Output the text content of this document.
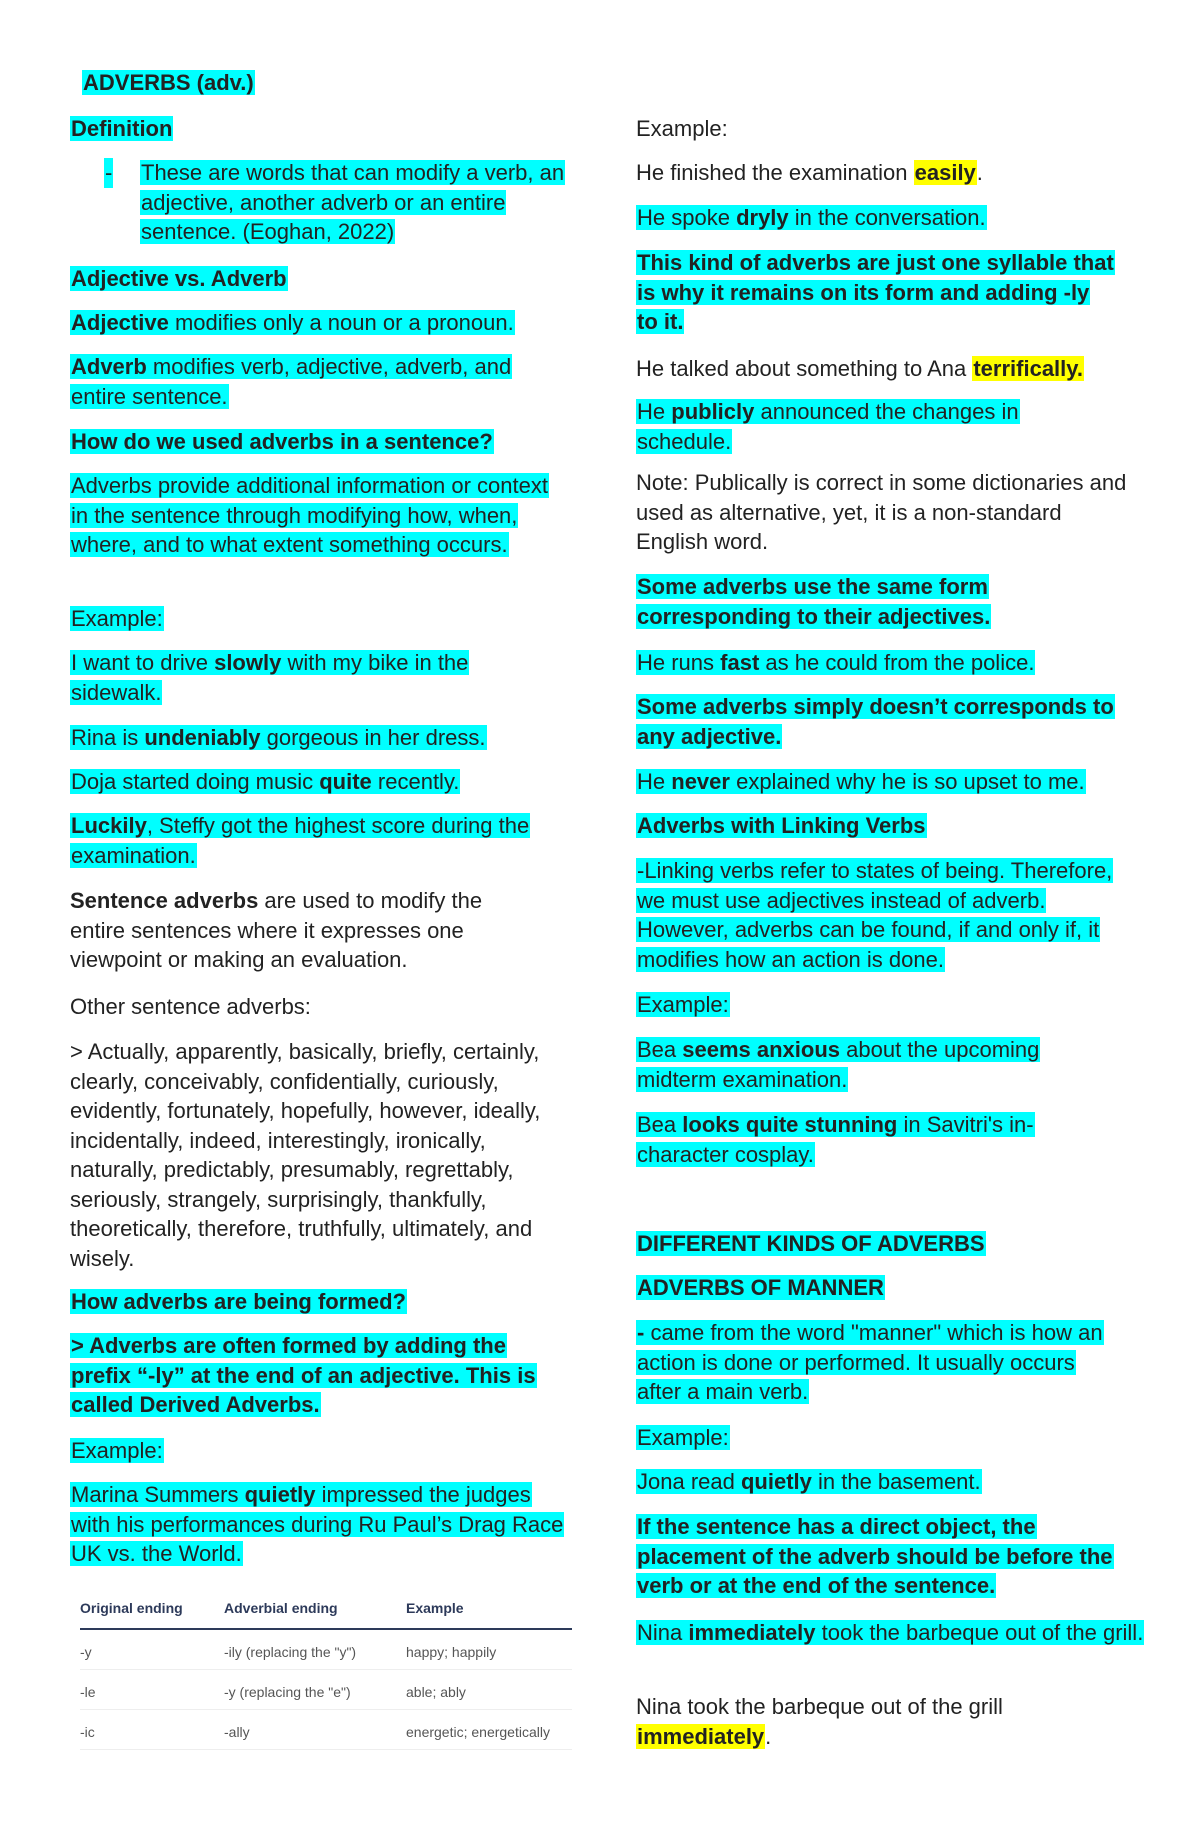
ADVERBS (adv.)

Definition

- These are words that can modify a verb, an adjective, another adverb or an entire sentence. (Eoghan, 2022)

Adjective vs. Adverb

Adjective modifies only a noun or a pronoun.

Adverb modifies verb, adjective, adverb, and entire sentence.

How do we used adverbs in a sentence?

Adverbs provide additional information or context in the sentence through modifying how, when, where, and to what extent something occurs.

Example:

I want to drive slowly with my bike in the sidewalk.

Rina is undeniably gorgeous in her dress.

Doja started doing music quite recently.

Luckily, Steffy got the highest score during the examination.

Sentence adverbs are used to modify the entire sentences where it expresses one viewpoint or making an evaluation.

Other sentence adverbs:

> Actually, apparently, basically, briefly, certainly, clearly, conceivably, confidentially, curiously, evidently, fortunately, hopefully, however, ideally, incidentally, indeed, interestingly, ironically, naturally, predictably, presumably, regrettably, seriously, strangely, surprisingly, thankfully, theoretically, therefore, truthfully, ultimately, and wisely.

How adverbs are being formed?

> Adverbs are often formed by adding the prefix “-ly” at the end of an adjective. This is called Derived Adverbs.

Example:

Marina Summers quietly impressed the judges with his performances during Ru Paul’s Drag Race UK vs. the World.

Original ending	Adverbial ending	Example
-y	-ily (replacing the "y")	happy; happily
-le	-y (replacing the "e")	able; ably
-ic	-ally	energetic; energetically

Example:

He finished the examination easily.

He spoke dryly in the conversation.

This kind of adverbs are just one syllable that is why it remains on its form and adding -ly to it.

He talked about something to Ana terrifically.

He publicly announced the changes in schedule.

Note: Publically is correct in some dictionaries and used as alternative, yet, it is a non-standard English word.

Some adverbs use the same form corresponding to their adjectives.

He runs fast as he could from the police.

Some adverbs simply doesn’t corresponds to any adjective.

He never explained why he is so upset to me.

Adverbs with Linking Verbs

-Linking verbs refer to states of being. Therefore, we must use adjectives instead of adverb. However, adverbs can be found, if and only if, it modifies how an action is done.

Example:

Bea seems anxious about the upcoming midterm examination.

Bea looks quite stunning in Savitri's in-character cosplay.

DIFFERENT KINDS OF ADVERBS

ADVERBS OF MANNER

- came from the word "manner" which is how an action is done or performed. It usually occurs after a main verb.

Example:

Jona read quietly in the basement.

If the sentence has a direct object, the placement of the adverb should be before the verb or at the end of the sentence.

Nina immediately took the barbeque out of the grill.

Nina took the barbeque out of the grill immediately.
